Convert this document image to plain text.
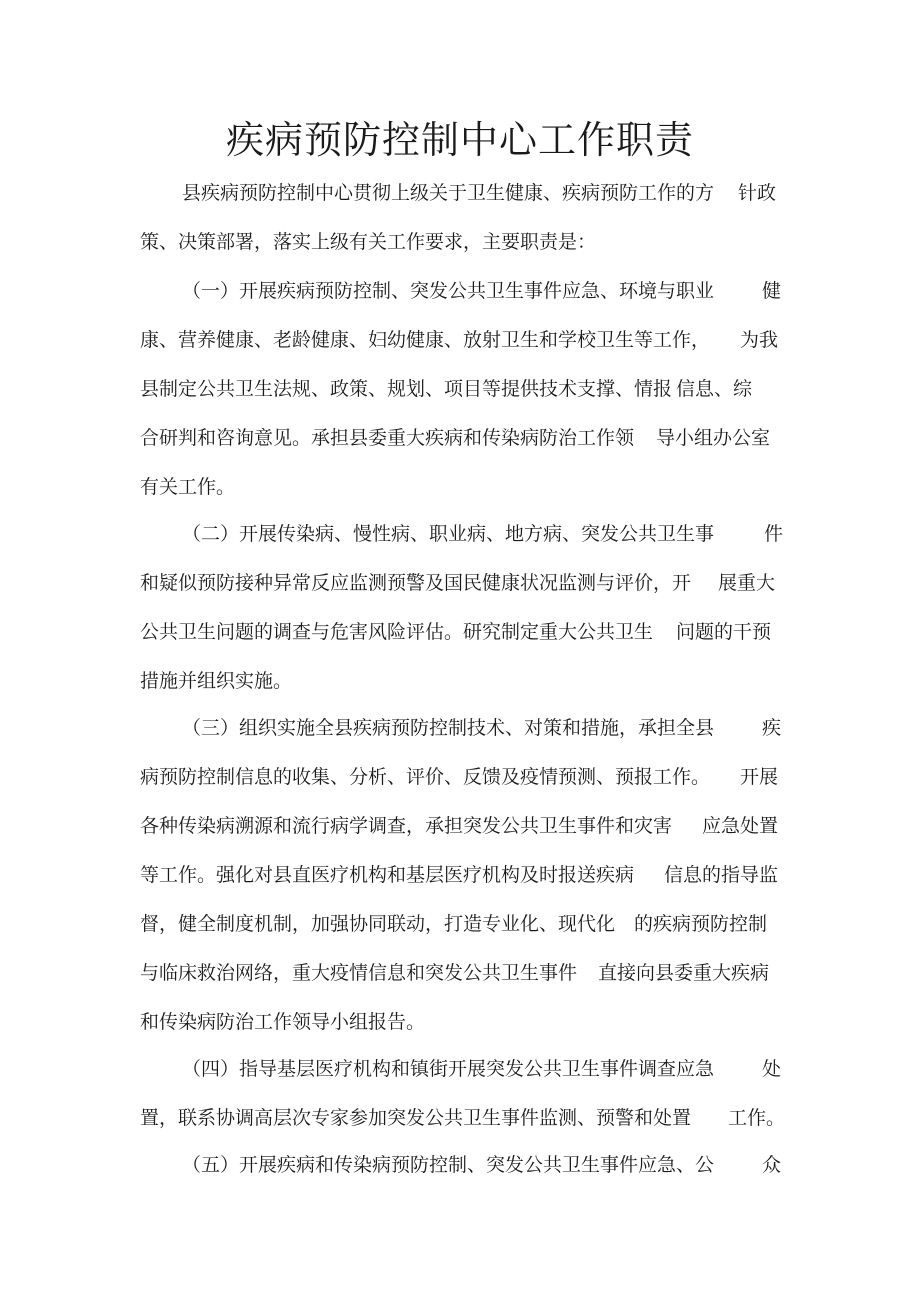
疾病预防控制中心工作职责
县疾病预防控制中心贯彻上级关于卫生健康、疾病预防工作的方 针政
策、决策部署，落实上级有关工作要求，主要职责是：
（一）开展疾病预防控制、突发公共卫生事件应急、环境与职业	健
康、营养健康、老龄健康、妇幼健康、放射卫生和学校卫生等工作， 为我
县制定公共卫生法规、政策、规划、项目等提供技术支撑、情报 信息、综
合研判和咨询意见。承担县委重大疾病和传染病防治工作领 导小组办公室
有关工作。
（二）开展传染病、慢性病、职业病、地方病、突发公共卫生事	件
和疑似预防接种异常反应监测预警及国民健康状况监测与评价，开 展重大
公共卫生问题的调查与危害风险评估。研究制定重大公共卫生 问题的干预
措施并组织实施。
（三）组织实施全县疾病预防控制技术、对策和措施，承担全县	疾
病预防控制信息的收集、分析、评价、反馈及疫情预测、预报工作。 开展
各种传染病溯源和流行病学调查，承担突发公共卫生事件和灾害 应急处置
等工作。强化对县直医疗机构和基层医疗机构及时报送疾病 信息的指导监
督，健全制度机制，加强协同联动，打造专业化、现代化 的疾病预防控制
与临床救治网络，重大疫情信息和突发公共卫生事件 直接向县委重大疾病
和传染病防治工作领导小组报告。
（四）指导基层医疗机构和镇街开展突发公共卫生事件调查应急	处
置，联系协调高层次专家参加突发公共卫生事件监测、预警和处置 工作。
（五）开展疾病和传染病预防控制、突发公共卫生事件应急、公	众
